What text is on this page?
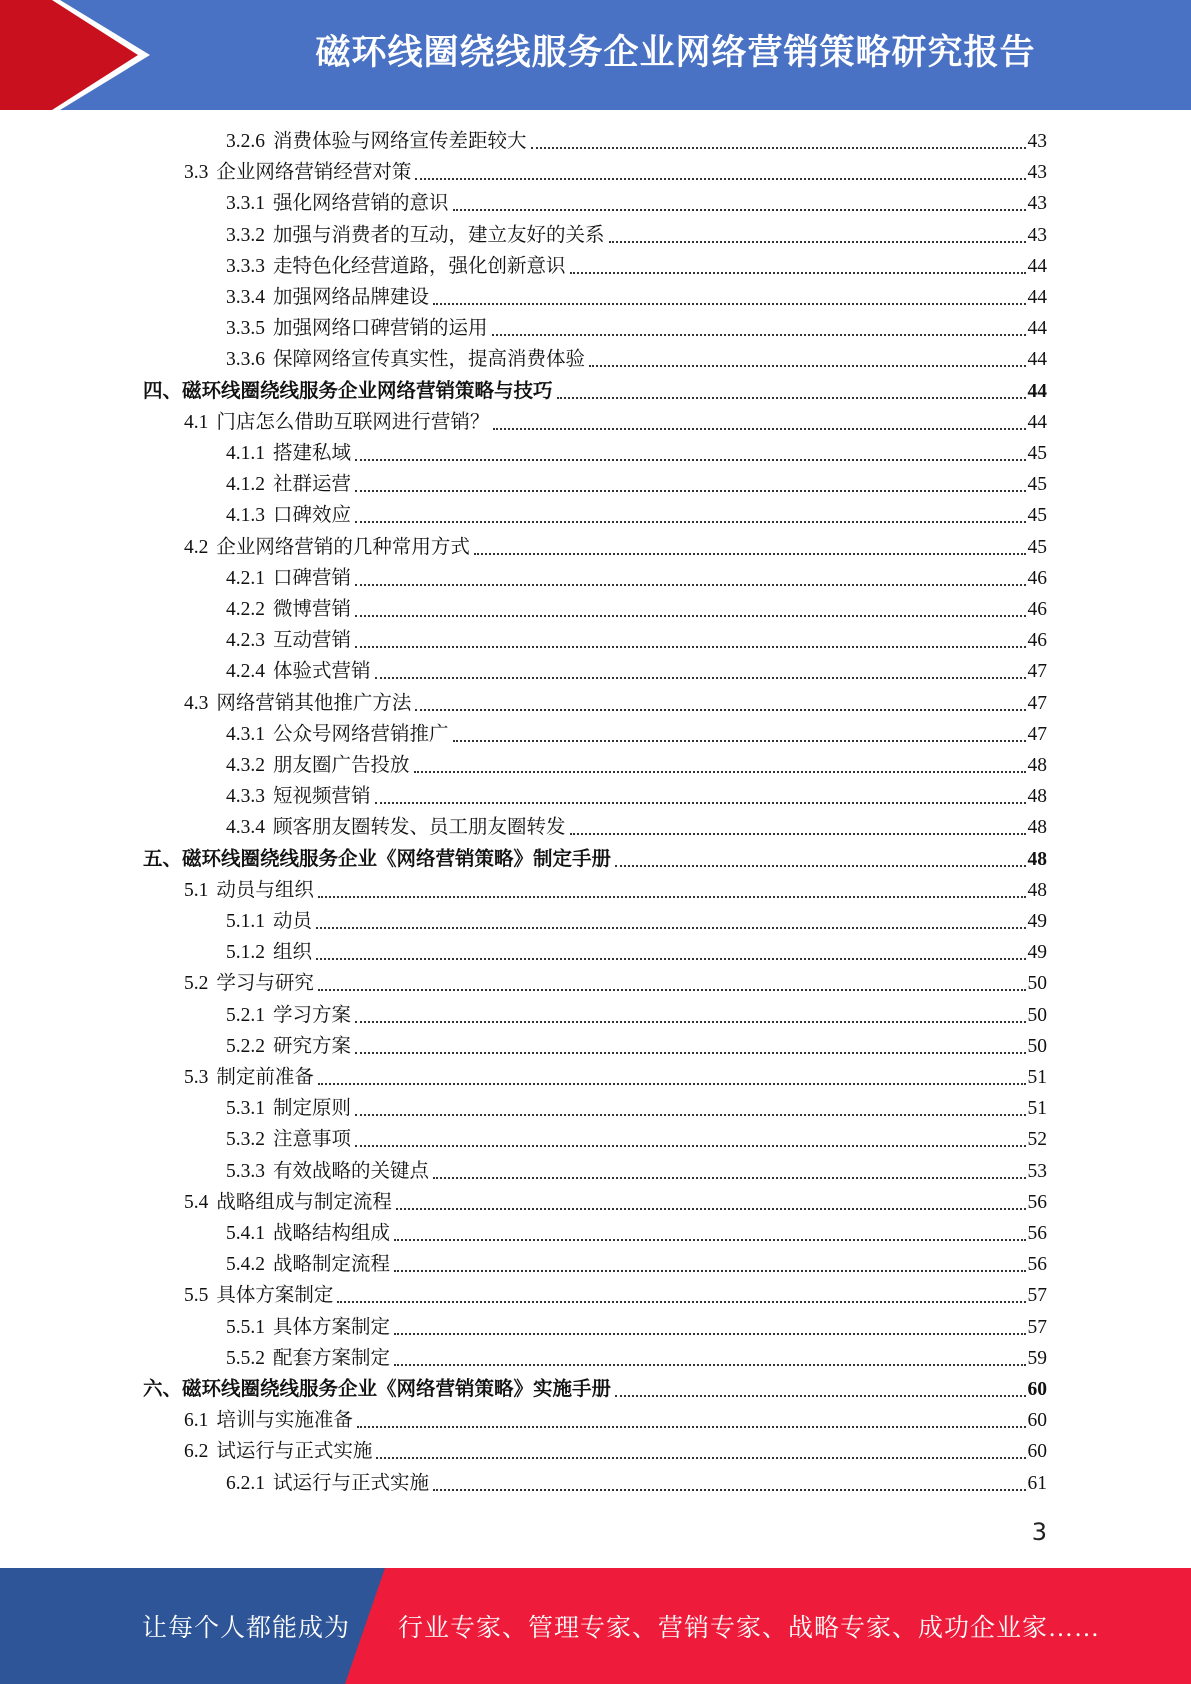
磁环线圈绕线服务企业网络营销策略研究报告
3.2.6 消费体验与网络宣传差距较大	43
3.3 企业网络营销经营对策	43
3.3.1 强化网络营销的意识	43
3.3.2 加强与消费者的互动，建立友好的关系	43
3.3.3 走特色化经营道路，强化创新意识	44
3.3.4 加强网络品牌建设	44
3.3.5 加强网络口碑营销的运用	44
3.3.6 保障网络宣传真实性，提高消费体验	44
四、 磁环线圈绕线服务企业网络营销策略与技巧	44
4.1 门店怎么借助互联网进行营销？	44
4.1.1 搭建私域	45
4.1.2 社群运营	45
4.1.3 口碑效应	45
4.2 企业网络营销的几种常用方式	45
4.2.1 口碑营销	46
4.2.2 微博营销	46
4.2.3 互动营销	46
4.2.4 体验式营销	47
4.3 网络营销其他推广方法	47
4.3.1 公众号网络营销推广	47
4.3.2 朋友圈广告投放	48
4.3.3 短视频营销	48
4.3.4 顾客朋友圈转发、员工朋友圈转发	48
五、 磁环线圈绕线服务企业《网络营销策略》制定手册	48
5.1 动员与组织	48
5.1.1 动员	49
5.1.2 组织	49
5.2 学习与研究	50
5.2.1 学习方案	50
5.2.2 研究方案	50
5.3 制定前准备	51
5.3.1 制定原则	51
5.3.2 注意事项	52
5.3.3 有效战略的关键点	53
5.4 战略组成与制定流程	56
5.4.1 战略结构组成	56
5.4.2 战略制定流程	56
5.5 具体方案制定	57
5.5.1 具体方案制定	57
5.5.2 配套方案制定	59
六、 磁环线圈绕线服务企业《网络营销策略》实施手册	60
6.1 培训与实施准备	60
6.2 试运行与正式实施	60
6.2.1 试运行与正式实施	61
3
让每个人都能成为 行业专家、管理专家、营销专家、战略专家、成功企业家……
